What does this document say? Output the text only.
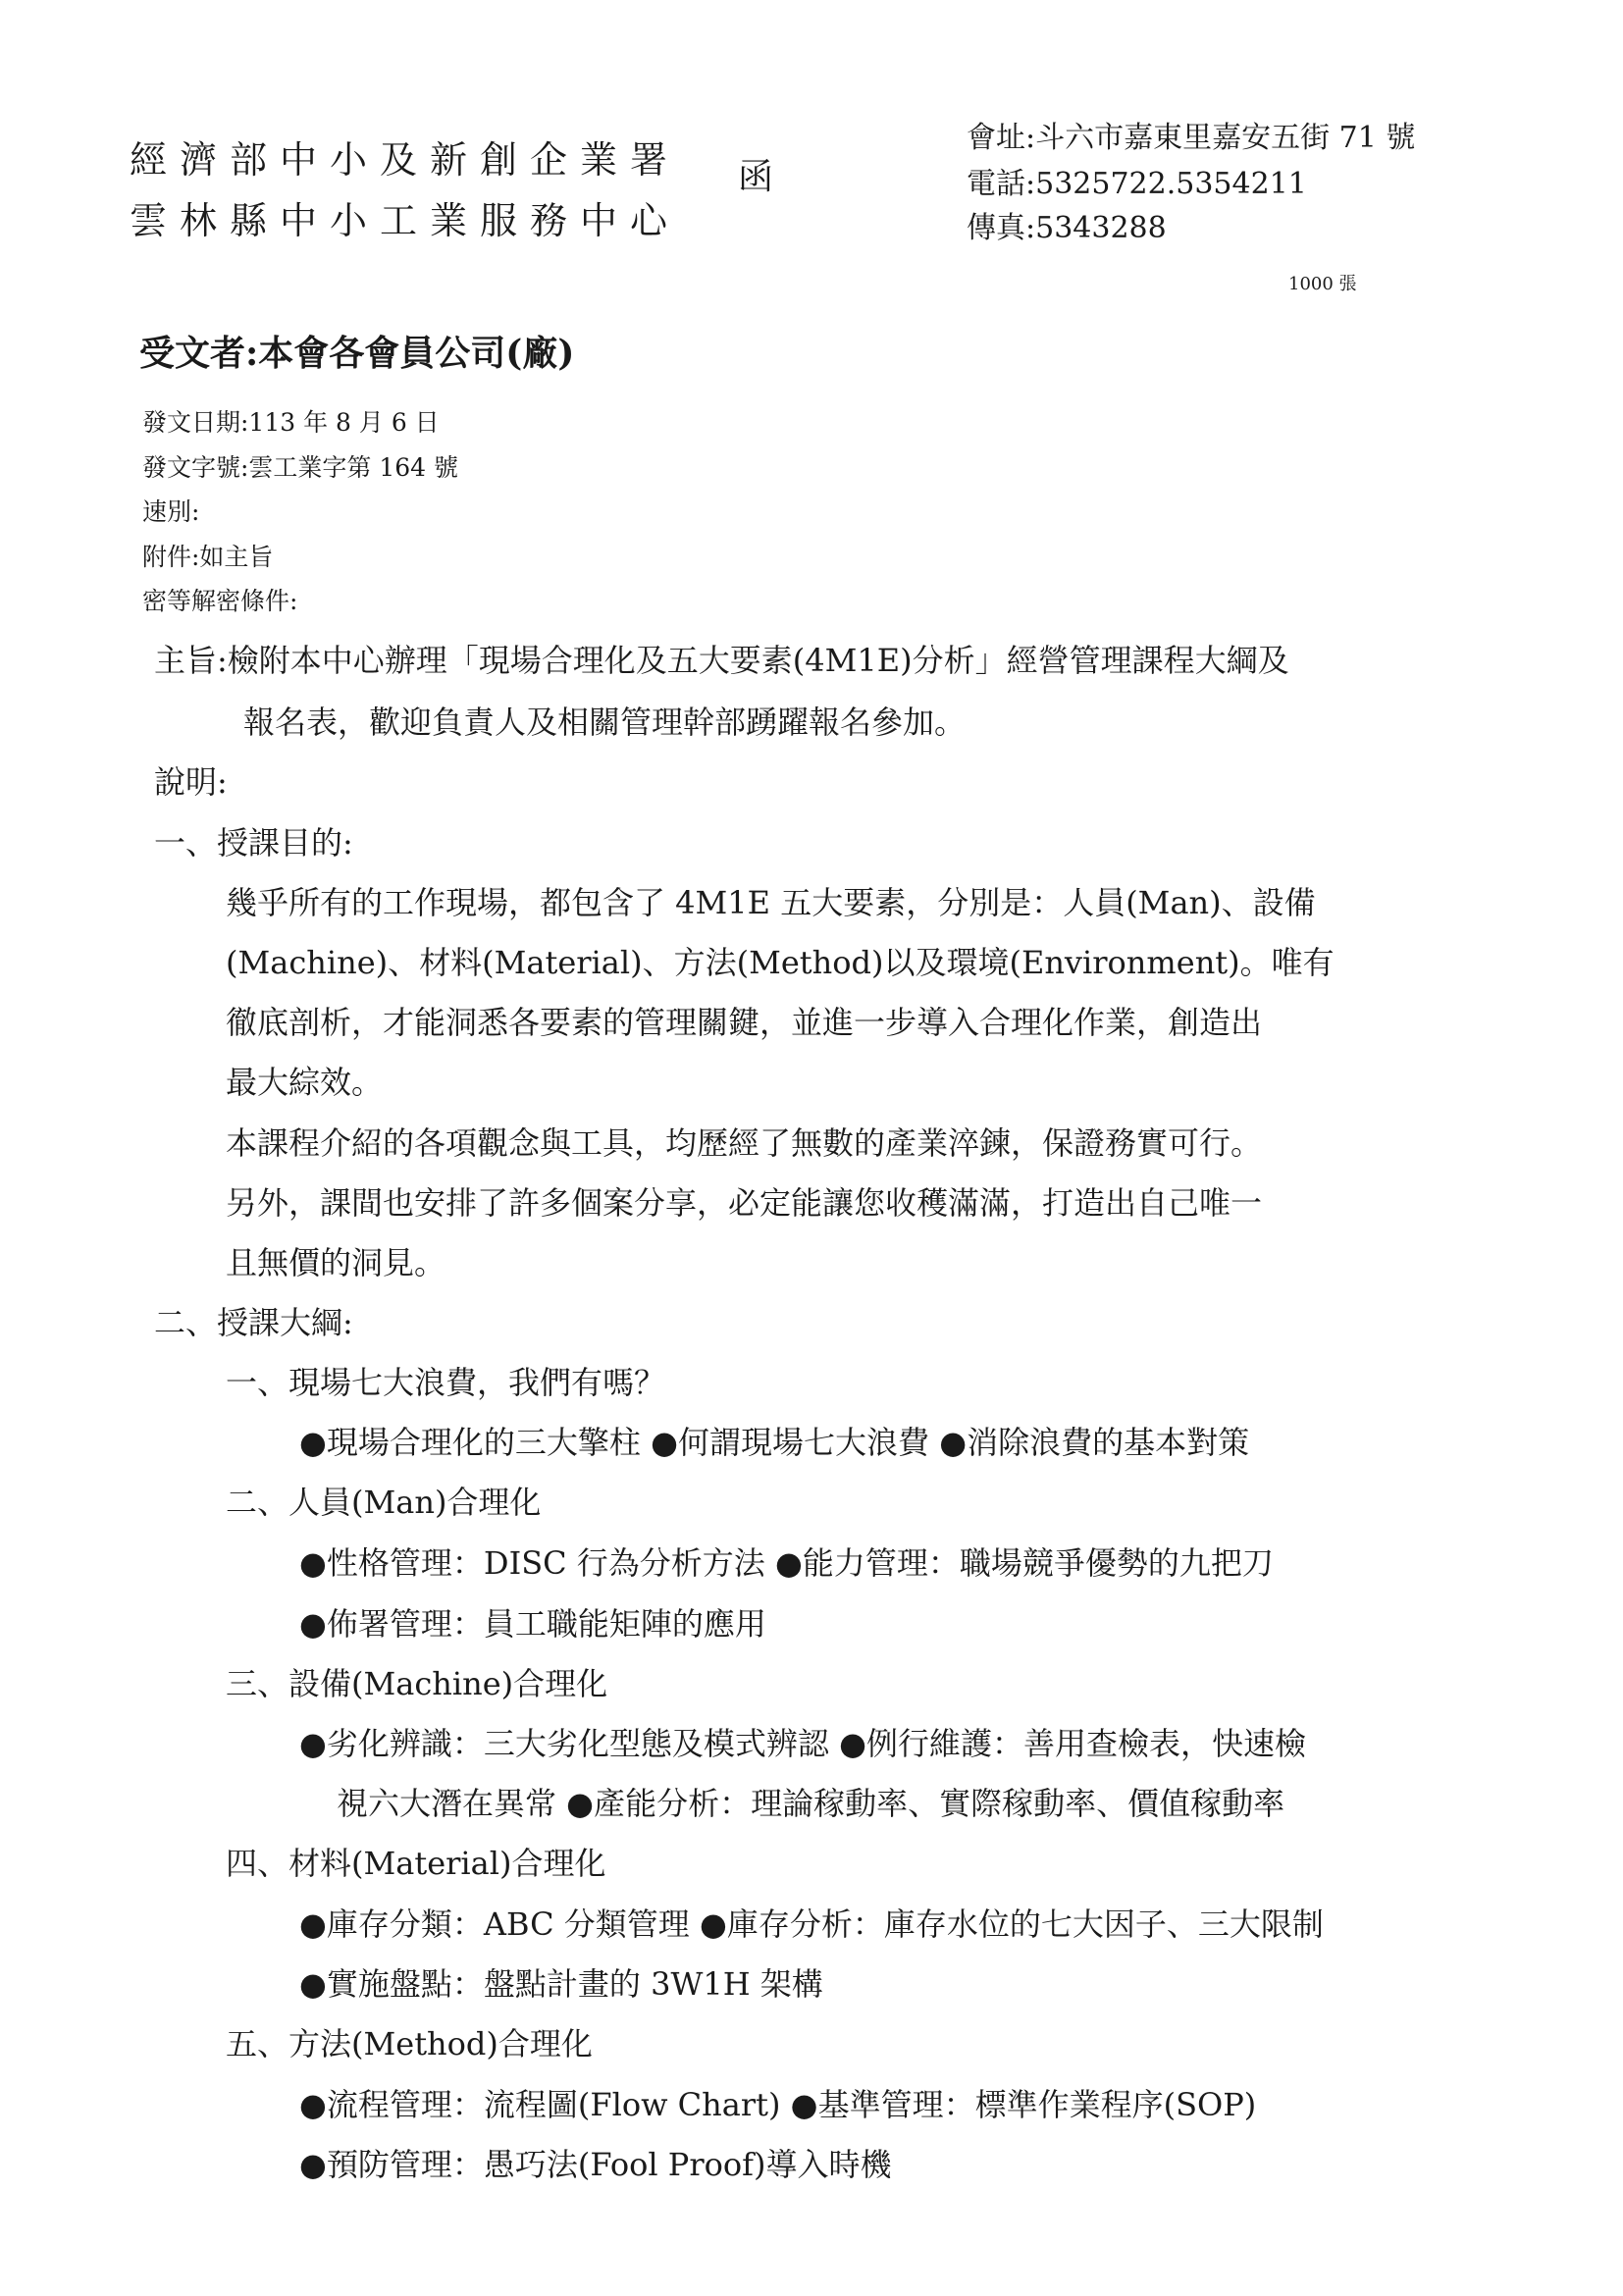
經濟部中小及新創企業署
雲林縣中小工業服務中心
函
會址:斗六市嘉東里嘉安五街 71 號
電話:5325722.5354211
傳真:5343288
1000 張
受文者:本會各會員公司(廠)
發文日期:113 年 8 月 6 日
發文字號:雲工業字第 164 號
速別:
附件:如主旨
密等解密條件:
主旨:檢附本中心辦理「現場合理化及五大要素(4M1E)分析」經營管理課程大綱及
報名表，歡迎負責人及相關管理幹部踴躍報名參加。
說明:
一、授課目的:
幾乎所有的工作現場，都包含了 4M1E 五大要素，分別是：人員(Man)、設備
(Machine)、材料(Material)、方法(Method)以及環境(Environment)。唯有
徹底剖析，才能洞悉各要素的管理關鍵，並進一步導入合理化作業，創造出
最大綜效。
本課程介紹的各項觀念與工具，均歷經了無數的產業淬鍊，保證務實可行。
另外，課間也安排了許多個案分享，必定能讓您收穫滿滿，打造出自己唯一
且無價的洞見。
二、授課大綱:
一、現場七大浪費，我們有嗎？
●現場合理化的三大擎柱 ●何謂現場七大浪費 ●消除浪費的基本對策
二、人員(Man)合理化
●性格管理：DISC 行為分析方法 ●能力管理：職場競爭優勢的九把刀
●佈署管理：員工職能矩陣的應用
三、設備(Machine)合理化
●劣化辨識：三大劣化型態及模式辨認 ●例行維護：善用查檢表，快速檢
視六大潛在異常 ●產能分析：理論稼動率、實際稼動率、價值稼動率
四、材料(Material)合理化
●庫存分類：ABC 分類管理 ●庫存分析：庫存水位的七大因子、三大限制
●實施盤點：盤點計畫的 3W1H 架構
五、方法(Method)合理化
●流程管理：流程圖(Flow Chart) ●基準管理：標準作業程序(SOP)
●預防管理：愚巧法(Fool Proof)導入時機
